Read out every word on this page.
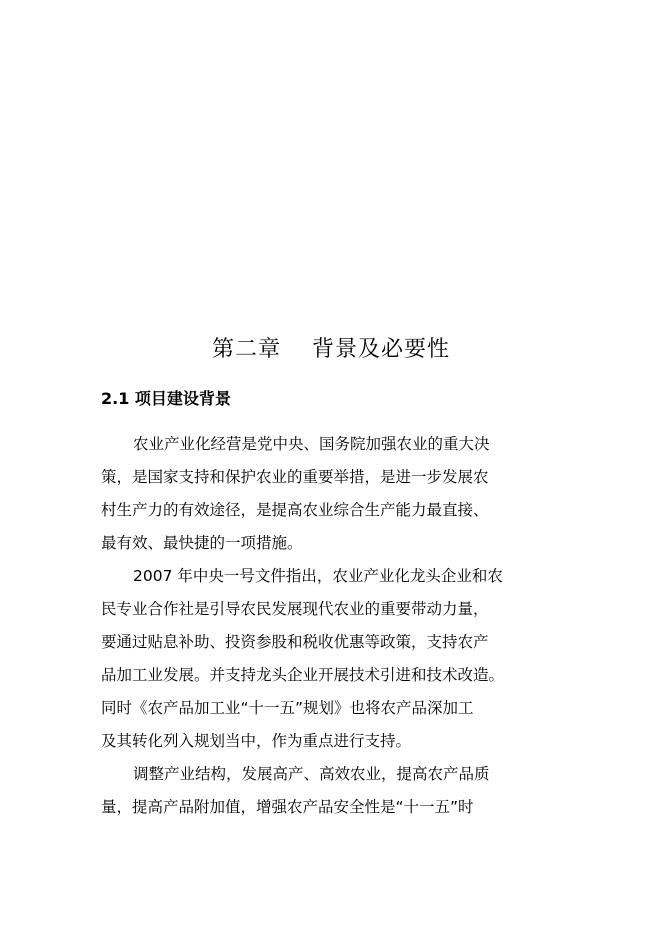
第二章　 背景及必要性
2.1 项目建设背景
农业产业化经营是党中央、国务院加强农业的重大决
策，是国家支持和保护农业的重要举措，是进一步发展农
村生产力的有效途径，是提高农业综合生产能力最直接、
最有效、最快捷的一项措施。
2007 年中央一号文件指出，农业产业化龙头企业和农
民专业合作社是引导农民发展现代农业的重要带动力量，
要通过贴息补助、投资参股和税收优惠等政策，支持农产
品加工业发展。并支持龙头企业开展技术引进和技术改造。
同时《农产品加工业“十一五”规划》也将农产品深加工
及其转化列入规划当中，作为重点进行支持。
调整产业结构，发展高产、高效农业，提高农产品质
量，提高产品附加值，增强农产品安全性是“十一五”时
